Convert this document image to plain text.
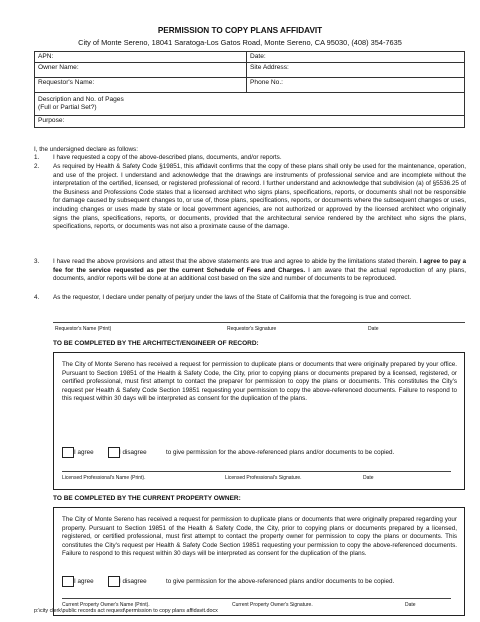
PERMISSION TO COPY PLANS AFFIDAVIT
City of Monte Sereno, 18041 Saratoga-Los Gatos Road, Monte Sereno, CA 95030, (408) 354-7635
APN:	Date:
Owner Name:	Site Address:
Requestor's Name:	Phone No.:
Description and No. of Pages
(Full or Partial Set?)	
Purpose:	
I, the undersigned declare as follows:
1. I have requested a copy of the above-described plans, documents, and/or reports.
2. As required by Health & Safety Code §19851, this affidavit confirms that the copy of these plans shall only be used for the maintenance, operation, and use of the project. I understand and acknowledge that the drawings are instruments of professional service and are incomplete without the interpretation of the certified, licensed, or registered professional of record. I further understand and acknowledge that subdivision (a) of §5536.25 of the Business and Professions Code states that a licensed architect who signs plans, specifications, reports, or documents shall not be responsible for damage caused by subsequent changes to, or use of, those plans, specifications, reports, or documents where the subsequent changes or uses, including changes or uses made by state or local government agencies, are not authorized or approved by the licensed architect who originally signs the plans, specifications, reports, or documents, provided that the architectural service rendered by the architect who signs the plans, specifications, reports, or documents was not also a proximate cause of the damage.
3. I have read the above provisions and attest that the above statements are true and agree to abide by the limitations stated therein. I agree to pay a fee for the service requested as per the current Schedule of Fees and Charges. I am aware that the actual reproduction of any plans, documents, and/or reports will be done at an additional cost based on the size and number of documents to be reproduced.
4. As the requestor, I declare under penalty of perjury under the laws of the State of California that the foregoing is true and correct.
Requestor's Name (Print)	Requestor's Signature	Date
TO BE COMPLETED BY THE ARCHITECT/ENGINEER OF RECORD:
The City of Monte Sereno has received a request for permission to duplicate plans or documents that were originally prepared by your office. Pursuant to Section 19851 of the Health & Safety Code, the City, prior to copying plans or documents prepared by a licensed, registered, or certified professional, must first attempt to contact the preparer for permission to copy the plans or documents. This constitutes the City's request per Health & Safety Code Section 19851 requesting your permission to copy the above-referenced documents. Failure to respond to this request within 30 days will be interpreted as consent for the duplication of the plans.
I agree	I disagree	to give permission for the above-referenced plans and/or documents to be copied.
Licensed Professional's Name (Print).	Licensed Professional's Signature.	Date
TO BE COMPLETED BY THE CURRENT PROPERTY OWNER:
The City of Monte Sereno has received a request for permission to duplicate plans or documents that were originally prepared regarding your property. Pursuant to Section 19851 of the Health & Safety Code, the City, prior to copying plans or documents prepared by a licensed, registered, or certified professional, must first attempt to contact the property owner for permission to copy the plans or documents. This constitutes the City's request per Health & Safety Code Section 19851 requesting your permission to copy the above-referenced documents. Failure to respond to this request within 30 days will be interpreted as consent for the duplication of the plans.
I agree	I disagree	to give permission for the above-referenced plans and/or documents to be copied.
Current Property Owner's Name (Print).	Current Property Owner's Signature.	Date
p:\city clerk\public records act request\permission to copy plans affidavit.docx
